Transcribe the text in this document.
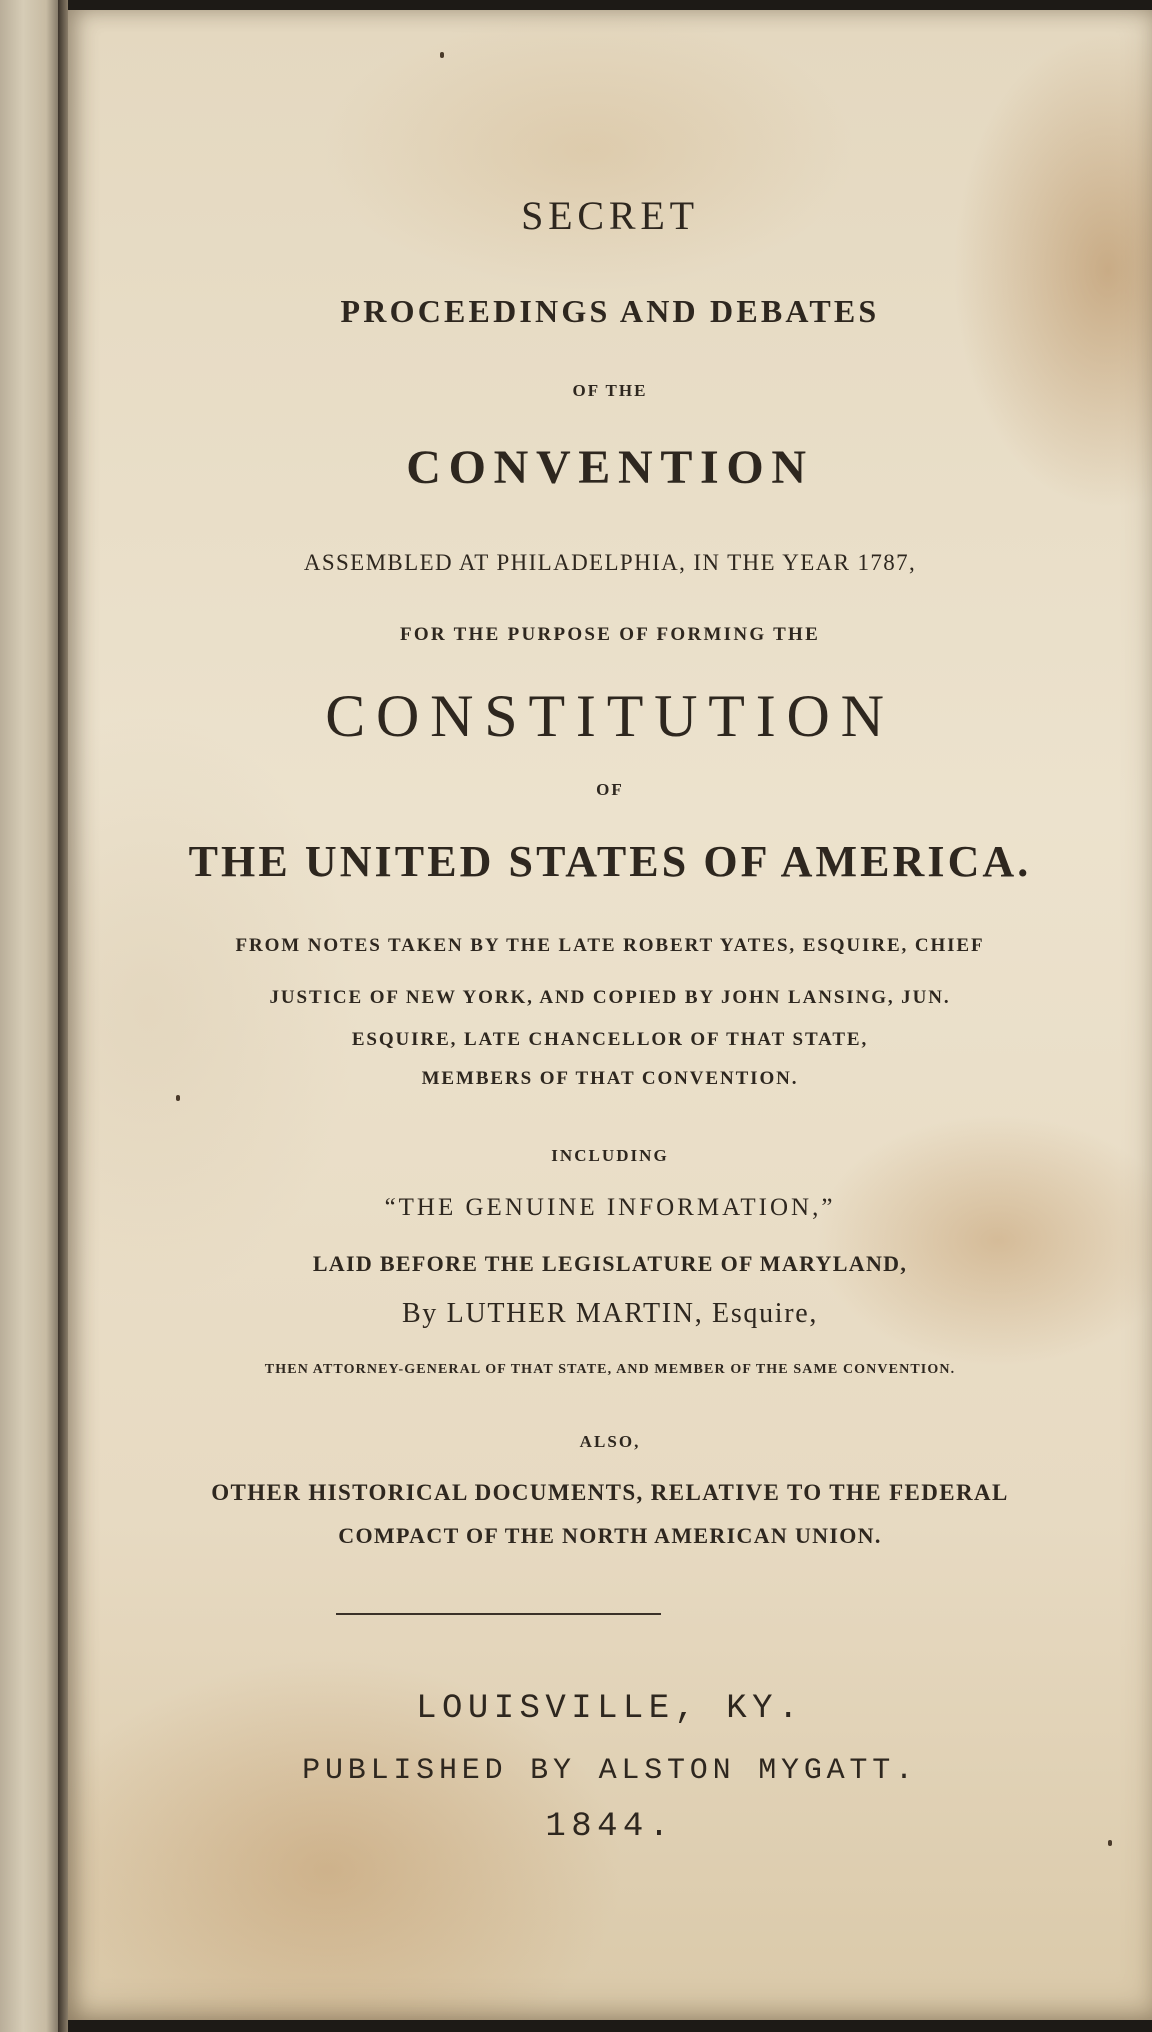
SECRET
PROCEEDINGS AND DEBATES
OF THE
CONVENTION
ASSEMBLED AT PHILADELPHIA, IN THE YEAR 1787,
FOR THE PURPOSE OF FORMING THE
CONSTITUTION
OF
THE UNITED STATES OF AMERICA.
FROM NOTES TAKEN BY THE LATE ROBERT YATES, ESQUIRE, CHIEF
JUSTICE OF NEW YORK, AND COPIED BY JOHN LANSING, JUN.
ESQUIRE, LATE CHANCELLOR OF THAT STATE,
MEMBERS OF THAT CONVENTION.
INCLUDING
“THE GENUINE INFORMATION,”
LAID BEFORE THE LEGISLATURE OF MARYLAND,
By LUTHER MARTIN, Esquire,
THEN ATTORNEY-GENERAL OF THAT STATE, AND MEMBER OF THE SAME CONVENTION.
ALSO,
OTHER HISTORICAL DOCUMENTS, RELATIVE TO THE FEDERAL
COMPACT OF THE NORTH AMERICAN UNION.
LOUISVILLE, KY.
PUBLISHED BY ALSTON MYGATT.
1844.
